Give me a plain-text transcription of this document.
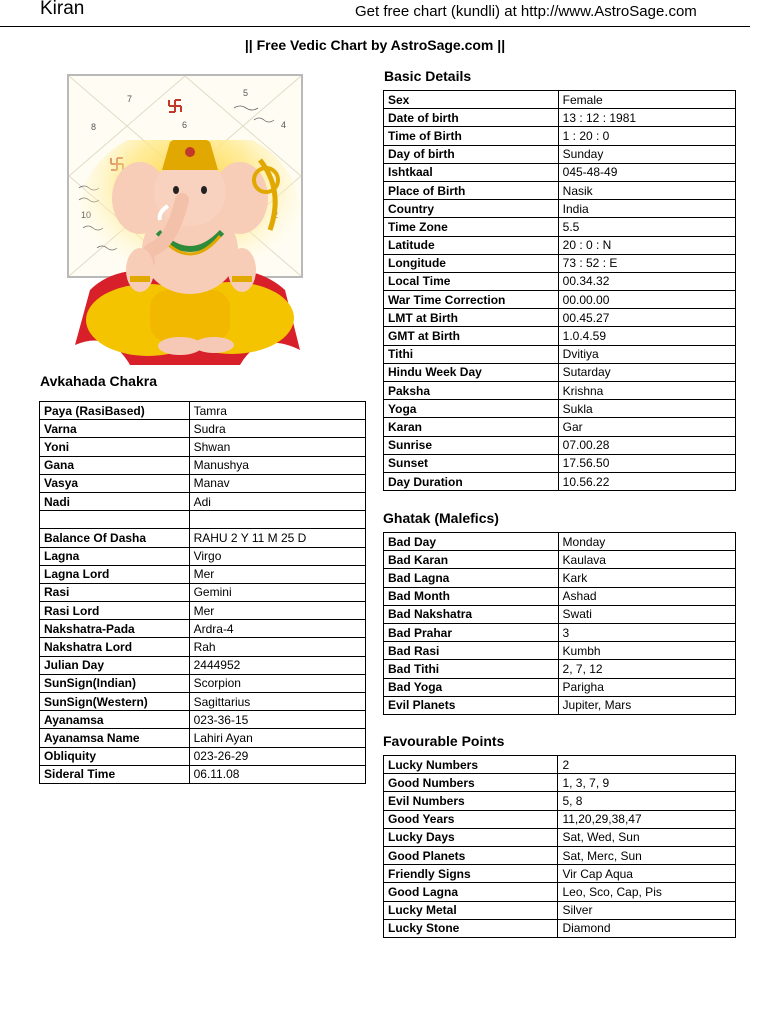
Kiran	Get free chart (kundli) at http://www.AstroSage.com
|| Free Vedic Chart by AstroSage.com ||
7
5
6	4
8
Basic Details
Sex	Female
Date of birth	13 : 12 : 1981
Time of Birth	1 : 20 : 0
Day of birth	Sunday
Ishtkaal	045-48-49
Place of Birth	Nasik
Country	India
Time Zone	5.5
Latitude	20 : 0 : N
Longitude	73 : 52 : E
Local Time	00.34.32
War Time Correction	00.00.00
LMT at Birth	00.45.27
GMT at Birth	1.0.4.59
Tithi	Dvitiya
Hindu Week Day	Sutarday
Paksha	Krishna
Yoga	Sukla
Karan	Gar
Sunrise	07.00.28
Sunset	17.56.50
Day Duration	10.56.22
Avkahada Chakra
Paya (RasiBased)	Tamra
Varna	Sudra
Yoni	Shwan
Gana	Manushya
Vasya	Manav
Nadi	Adi

Balance Of Dasha	RAHU 2 Y 11 M 25 D
Lagna	Virgo
Lagna Lord	Mer
Rasi	Gemini
Rasi Lord	Mer
Nakshatra-Pada	Ardra-4
Nakshatra Lord	Rah
Julian Day	2444952
SunSign(Indian)	Scorpion
SunSign(Western)	Sagittarius
Ayanamsa	023-36-15
Ayanamsa Name	Lahiri Ayan
Obliquity	023-26-29
Sideral Time	06.11.08
Ghatak (Malefics)
Bad Day	Monday
Bad Karan	Kaulava
Bad Lagna	Kark
Bad Month	Ashad
Bad Nakshatra	Swati
Bad Prahar	3
Bad Rasi	Kumbh
Bad Tithi	2, 7, 12
Bad Yoga	Parigha
Evil Planets	Jupiter, Mars
Favourable Points
Lucky Numbers	2
Good Numbers	1, 3, 7, 9
Evil Numbers	5, 8
Good Years	11,20,29,38,47
Lucky Days	Sat, Wed, Sun
Good Planets	Sat, Merc, Sun
Friendly Signs	Vir Cap Aqua
Good Lagna	Leo, Sco, Cap, Pis
Lucky Metal	Silver
Lucky Stone	Diamond
